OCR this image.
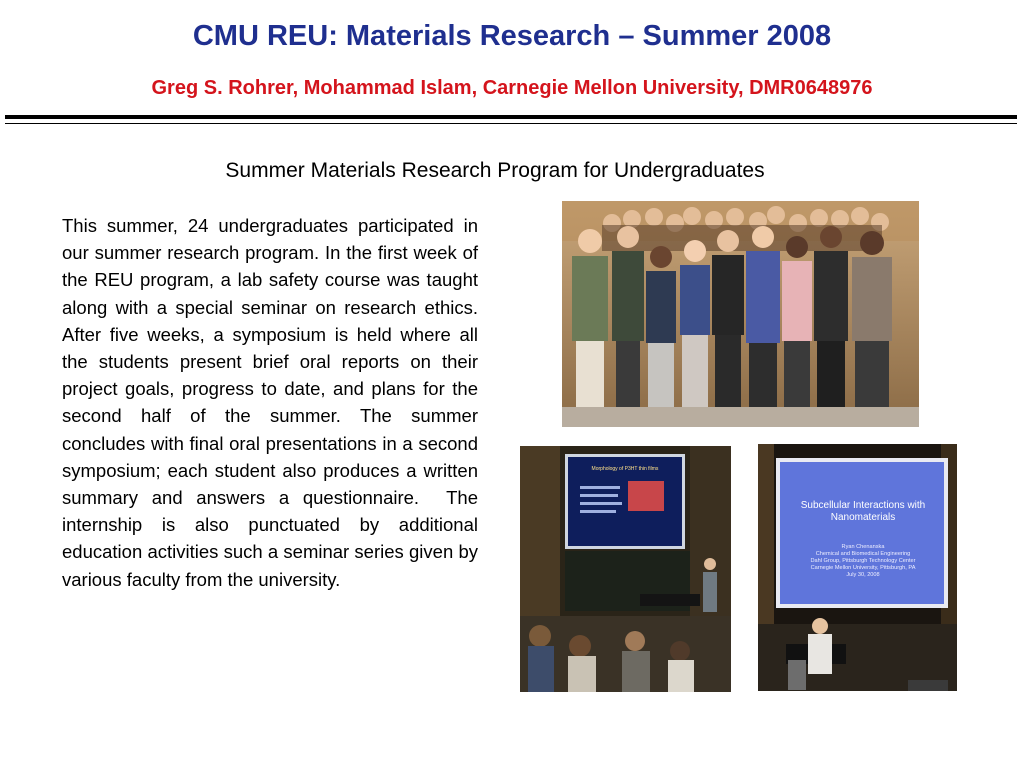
CMU REU: Materials Research – Summer 2008
Greg S. Rohrer, Mohammad Islam, Carnegie Mellon University, DMR0648976
Summer Materials Research Program for Undergraduates
This summer, 24 undergraduates participated in our summer research program. In the first week of the REU program, a lab safety course was taught along with a special seminar on research ethics.  After five weeks, a symposium is held where all the students present brief oral reports on their project goals, progress to date, and plans for the second half of the summer. The summer concludes with final oral presentations in a second symposium; each student also produces a written summary and answers a questionnaire.  The internship is also punctuated by additional education activities such a seminar series given by various faculty from the university.
Morphology of P3HT thin films
Subcellular Interactions with Nanomaterials
Ryan Chenanska
Chemical and Biomedical Engineering
Dahl Group, Pittsburgh Technology Center
Carnegie Mellon University, Pittsburgh, PA
July 30, 2008
